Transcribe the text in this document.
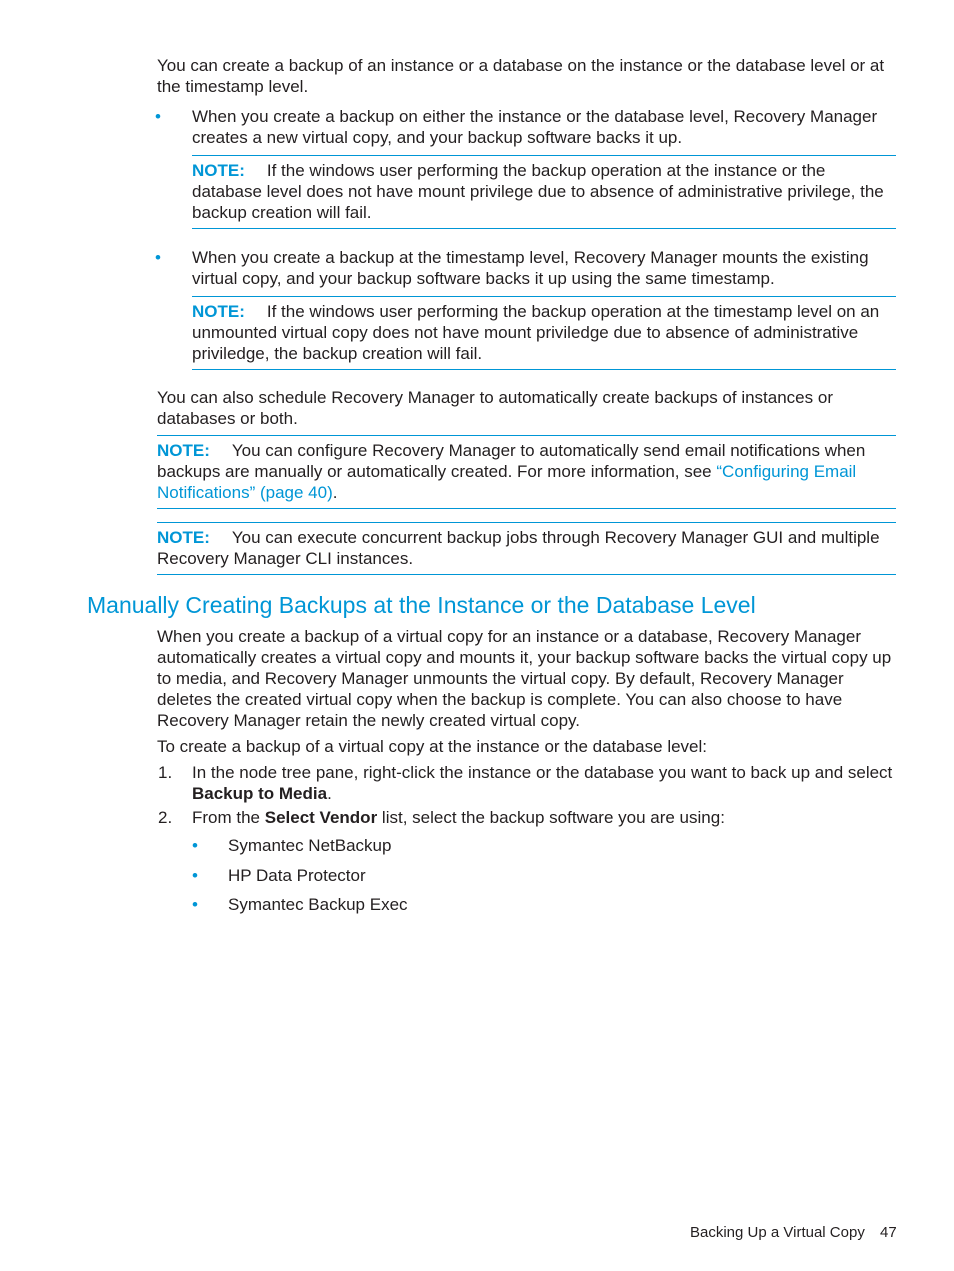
You can create a backup of an instance or a database on the instance or the database level or at the timestamp level.

• When you create a backup on either the instance or the database level, Recovery Manager creates a new virtual copy, and your backup software backs it up.

NOTE: If the windows user performing the backup operation at the instance or the database level does not have mount privilege due to absence of administrative privilege, the backup creation will fail.
• When you create a backup at the timestamp level, Recovery Manager mounts the existing virtual copy, and your backup software backs it up using the same timestamp.

NOTE: If the windows user performing the backup operation at the timestamp level on an unmounted virtual copy does not have mount priviledge due to absence of administrative priviledge, the backup creation will fail.

You can also schedule Recovery Manager to automatically create backups of instances or databases or both.

NOTE: You can configure Recovery Manager to automatically send email notifications when backups are manually or automatically created. For more information, see “Configuring Email Notifications” (page 40).
NOTE: You can execute concurrent backup jobs through Recovery Manager GUI and multiple Recovery Manager CLI instances.
Manually Creating Backups at the Instance or the Database Level

When you create a backup of a virtual copy for an instance or a database, Recovery Manager automatically creates a virtual copy and mounts it, your backup software backs the virtual copy up to media, and Recovery Manager unmounts the virtual copy. By default, Recovery Manager deletes the created virtual copy when the backup is complete. You can also choose to have Recovery Manager retain the newly created virtual copy.

To create a backup of a virtual copy at the instance or the database level:

1. In the node tree pane, right-click the instance or the database you want to back up and select Backup to Media.

2. From the Select Vendor list, select the backup software you are using:

• Symantec NetBackup
• HP Data Protector
• Symantec Backup Exec
Backing Up a Virtual Copy 47
